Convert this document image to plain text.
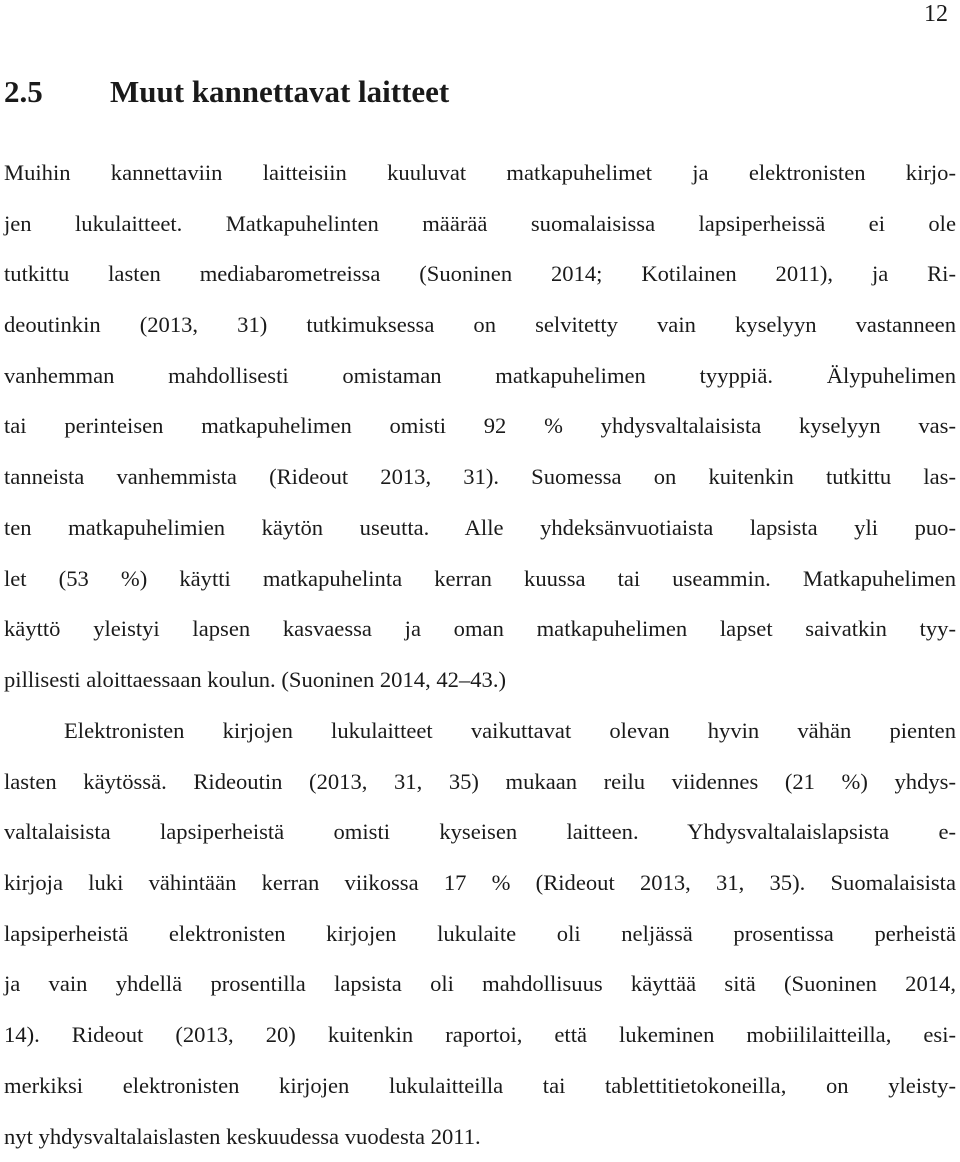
12
2.5 Muut kannettavat laitteet
Muihin kannettaviin laitteisiin kuuluvat matkapuhelimet ja elektronisten kirjo-
jen lukulaitteet. Matkapuhelinten määrää suomalaisissa lapsiperheissä ei ole
tutkittu lasten mediabarometreissa (Suoninen 2014; Kotilainen 2011), ja Ri-
deoutinkin (2013, 31) tutkimuksessa on selvitetty vain kyselyyn vastanneen
vanhemman mahdollisesti omistaman matkapuhelimen tyyppiä. Älypuhelimen
tai perinteisen matkapuhelimen omisti 92 % yhdysvaltalaisista kyselyyn vas-
tanneista vanhemmista (Rideout 2013, 31). Suomessa on kuitenkin tutkittu las-
ten matkapuhelimien käytön useutta. Alle yhdeksänvuotiaista lapsista yli puo-
let (53 %) käytti matkapuhelinta kerran kuussa tai useammin. Matkapuhelimen
käyttö yleistyi lapsen kasvaessa ja oman matkapuhelimen lapset saivatkin tyy-
pillisesti aloittaessaan koulun. (Suoninen 2014, 42–43.)
Elektronisten kirjojen lukulaitteet vaikuttavat olevan hyvin vähän pienten
lasten käytössä. Rideoutin (2013, 31, 35) mukaan reilu viidennes (21 %) yhdys-
valtalaisista lapsiperheistä omisti kyseisen laitteen. Yhdysvaltalaislapsista e-
kirjoja luki vähintään kerran viikossa 17 % (Rideout 2013, 31, 35). Suomalaisista
lapsiperheistä elektronisten kirjojen lukulaite oli neljässä prosentissa perheistä
ja vain yhdellä prosentilla lapsista oli mahdollisuus käyttää sitä (Suoninen 2014,
14). Rideout (2013, 20) kuitenkin raportoi, että lukeminen mobiililaitteilla, esi-
merkiksi elektronisten kirjojen lukulaitteilla tai tablettitietokoneilla, on yleisty-
nyt yhdysvaltalaislasten keskuudessa vuodesta 2011.
